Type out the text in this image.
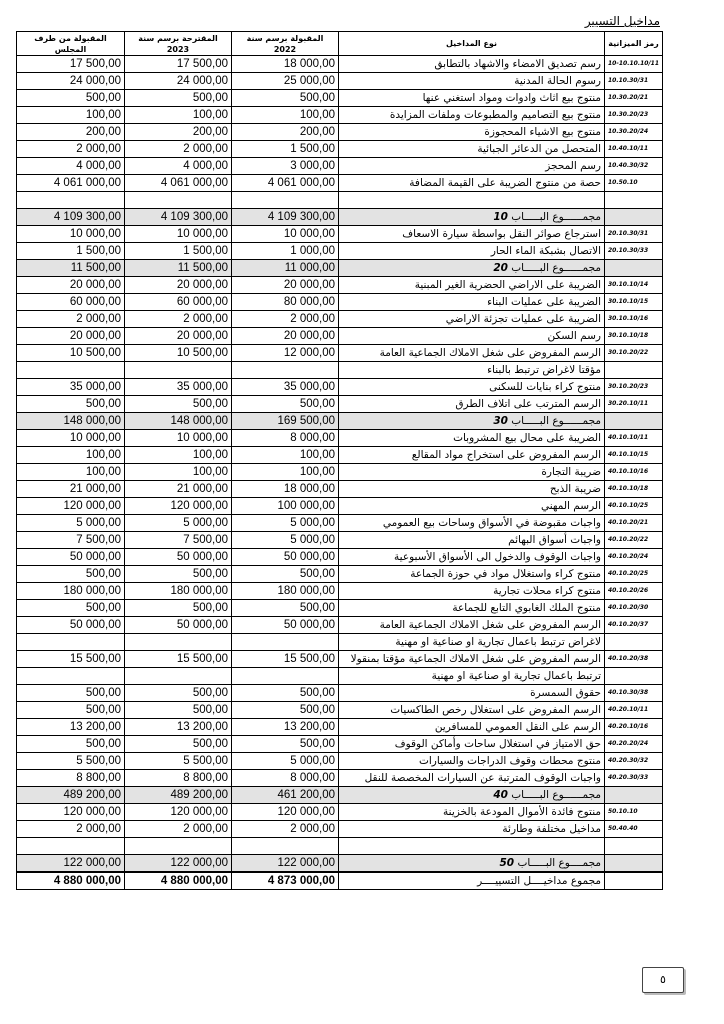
مداخيل التسيير
رمز الميزانية	نوع المداخيل	المقبولة برسم سنة 2022	المقترحة برسم سنة 2023	المقبولة من طرف المجلس
10-10.10.10/11	رسم تصديق الامضاء والاشهاد بالتطابق	18 000,00	17 500,00	17 500,00
10.10.30/31	رسوم الحالة المدنية	25 000,00	24 000,00	24 000,00
10.30.20/21	منتوج بيع اثاث وادوات ومواد استغني عنها	500,00	500,00	500,00
10.30.20/23	منتوج بيع التصاميم والمطبوعات وملفات المزايدة	100,00	100,00	100,00
10.30.20/24	منتوج بيع الاشياء المحجوزة	200,00	200,00	200,00
10.40.10/11	المتحصل من الدعائر الجبائية	1 500,00	2 000,00	2 000,00
10.40.30/32	رسم المحجز	3 000,00	4 000,00	4 000,00
10.50.10	حصة من منتوج الضريبة على القيمة المضافة	4 061 000,00	4 061 000,00	4 061 000,00

	مجمــــــوع البـــــاب 10	4 109 300,00	4 109 300,00	4 109 300,00
20.10.30/31	استرجاع صوائر النقل بواسطة سيارة الاسعاف	10 000,00	10 000,00	10 000,00
20.10.30/33	الاتصال بشبكة الماء الحار	1 000,00	1 500,00	1 500,00
	مجمــــــوع البـــــاب 20	11 000,00	11 500,00	11 500,00
30.10.10/14	الضريبة على الاراضي الحضرية الغير المبنية	20 000,00	20 000,00	20 000,00
30.10.10/15	الضريبة على عمليات البناء	80 000,00	60 000,00	60 000,00
30.10.10/16	الضريبة على عمليات تجزئة الاراضي	2 000,00	2 000,00	2 000,00
30.10.10/18	رسم السكن	20 000,00	20 000,00	20 000,00
30.10.20/22	الرسم المفروض على شغل الاملاك الجماعية العامة	12 000,00	10 500,00	10 500,00
	مؤقتا لاغراض ترتبط بالبناء			
30.10.20/23	منتوج كراء بنايات للسكنى	35 000,00	35 000,00	35 000,00
30.20.10/11	الرسم المترتب على اتلاف الطرق	500,00	500,00	500,00
	مجمــــــوع البـــــاب 30	169 500,00	148 000,00	148 000,00
40.10.10/11	الضريبة على محال بيع المشروبات	8 000,00	10 000,00	10 000,00
40.10.10/15	الرسم المفروض على استخراج مواد المقالع	100,00	100,00	100,00
40.10.10/16	ضريبة التجارة	100,00	100,00	100,00
40.10.10/18	ضريبة الذبح	18 000,00	21 000,00	21 000,00
40.10.10/25	الرسم المهني	100 000,00	120 000,00	120 000,00
40.10.20/21	واجبات مقبوضة في الأسواق وساحات بيع العمومي	5 000,00	5 000,00	5 000,00
40.10.20/22	واجبات أسواق البهائم	5 000,00	7 500,00	7 500,00
40.10.20/24	واجبات الوقوف والدخول الى الأسواق الأسبوعية	50 000,00	50 000,00	50 000,00
40.10.20/25	منتوج كراء واستغلال مواد في حوزة الجماعة	500,00	500,00	500,00
40.10.20/26	منتوج كراء محلات تجارية	180 000,00	180 000,00	180 000,00
40.10.20/30	منتوج الملك الغابوي التابع للجماعة	500,00	500,00	500,00
40.10.20/37	الرسم المفروض على شغل الاملاك الجماعية العامة	50 000,00	50 000,00	50 000,00
	لاغراض ترتبط باعمال تجارية او صناعية او مهنية			
40.10.20/38	الرسم المفروض على شغل الاملاك الجماعية مؤقتا بمنقولا	15 500,00	15 500,00	15 500,00
	ترتبط باعمال تجارية او صناعية او مهنية			
40.10.30/38	حقوق السمسرة	500,00	500,00	500,00
40.20.10/11	الرسم المفروض على استغلال رخص الطاكسيات	500,00	500,00	500,00
40.20.10/16	الرسم على النقل العمومي للمسافرين	13 200,00	13 200,00	13 200,00
40.20.20/24	حق الامتياز في استغلال ساحات وأماكن الوقوف	500,00	500,00	500,00
40.20.30/32	منتوج محطات وقوف الدراجات والسيارات	5 000,00	5 500,00	5 500,00
40.20.30/33	واجبات الوقوف المترتبة عن السيارات المخصصة للنقل	8 000,00	8 800,00	8 800,00
	مجمــــــوع البـــــاب 40	461 200,00	489 200,00	489 200,00
50.10.10	منتوج فائدة الأموال المودعة بالخزينة	120 000,00	120 000,00	120 000,00
50.40.40	مداخيل مختلفة وطارئة	2 000,00	2 000,00	2 000,00

	مجمــــوع البـــــاب 50	122 000,00	122 000,00	122 000,00
	مجموع مداخيــــل التسييــــر	4 873 000,00	4 880 000,00	4 880 000,00
٥
